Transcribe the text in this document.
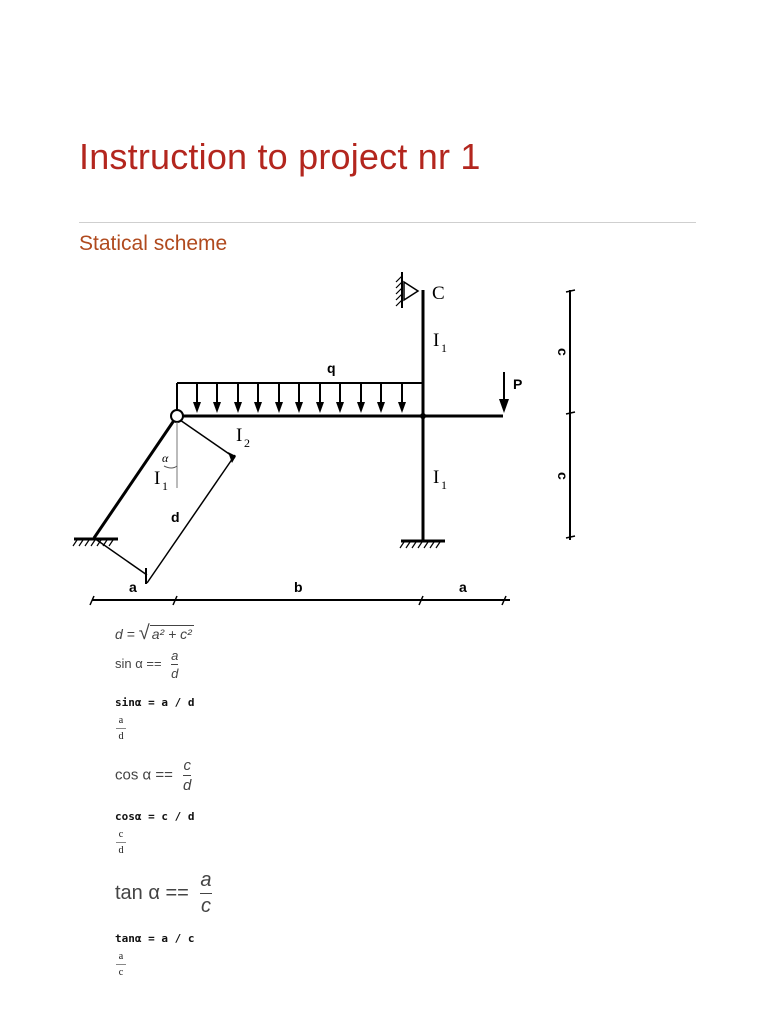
Instruction to project nr 1
Statical scheme
C
q
P
I 1
I 1
I 1
I 2
α
d
a	b	a
c
c
d = √ a² + c²
$\sin \alpha == \frac{a}{d}$
sinα = a / d
a
d
$\cos \alpha == \frac{c}{d}$
cosα = c / d
c
d
$\tan \alpha == \frac{a}{c}$
tanα = a / c
a
c
